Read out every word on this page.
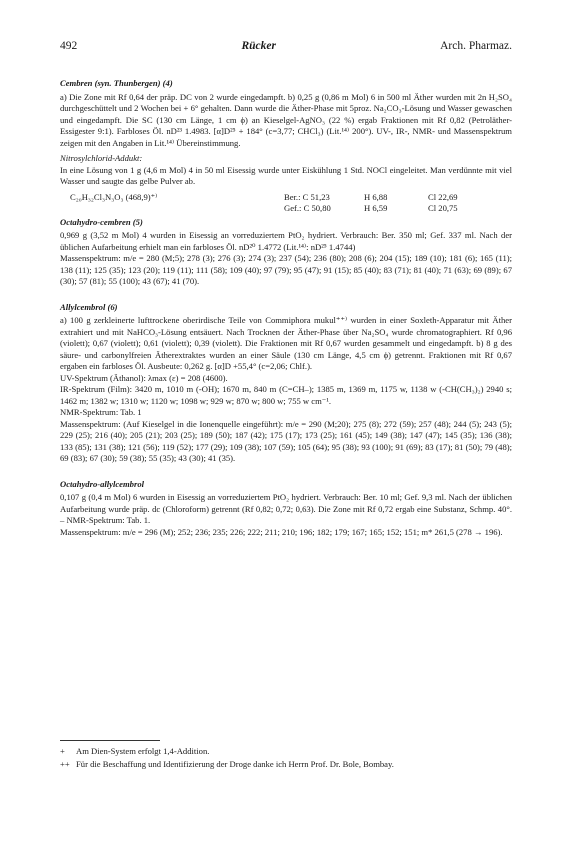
492	Rücker	Arch. Pharmaz.
Cembren (syn. Thunbergen) (4)

a) Die Zone mit Rf 0,64 der präp. DC von 2 wurde eingedampft. b) 0,25 g (0,86 m Mol) 6 in 500 ml Äther wurden mit 2n H₂SO₄ durchgeschüttelt und 2 Wochen bei + 6° gehalten. Dann wurde die Äther-Phase mit 5proz. Na₂CO₃-Lösung und Wasser gewaschen und eingedampft. Die SC (130 cm Länge, 1 cm ϕ) an Kieselgel-AgNO₃ (22 %) ergab Fraktionen mit Rf 0,82 (Petroläther-Essigester 9:1). Farbloses Öl. nD²³ 1.4983. [α]D²⁵ + 184° (c=3,77; CHCl₃) (Lit.¹⁴⁾ 200°). UV-, IR-, NMR- und Massenspektrum zeigen mit den Angaben in Lit.¹⁴⁾ Übereinstimmung.

Nitrosylchlorid-Addukt:

In eine Lösung von 1 g (4,6 m Mol) 4 in 50 ml Eisessig wurde unter Eiskühlung 1 Std. NOCl eingeleitet. Man verdünnte mit viel Wasser und saugte das gelbe Pulver ab.

C₂₀H₃₂Cl₃N₃O₃ (468,9)⁺⁾	Ber.: C 51,23	H 6,88	Cl 22,69
Gef.: C 50,80	H 6,59	Cl 20,75
Octahydro-cembren (5)

0,969 g (3,52 m Mol) 4 wurden in Eisessig an vorreduziertem PtO₂ hydriert. Verbrauch: Ber. 350 ml; Gef. 337 ml. Nach der üblichen Aufarbeitung erhielt man ein farbloses Öl. nD²⁰ 1.4772 (Lit.¹⁴⁾: nD²⁵ 1.4744)

Massenspektrum: m/e = 280 (M;5); 278 (3); 276 (3); 274 (3); 237 (54); 236 (80); 208 (6); 204 (15); 189 (10); 181 (6); 165 (11); 138 (11); 125 (35); 123 (20); 119 (11); 111 (58); 109 (40); 97 (79); 95 (47); 91 (15); 85 (40); 83 (71); 81 (40); 71 (63); 69 (89); 67 (30); 57 (81); 55 (100); 43 (67); 41 (70).

Allylcembrol (6)

a) 100 g zerkleinerte lufttrockene oberirdische Teile von Commiphora mukul⁺⁺⁾ wurden in einer Soxleth-Apparatur mit Äther extrahiert und mit NaHCO₃-Lösung entsäuert. Nach Trocknen der Äther-Phase über Na₂SO₄ wurde chromatographiert. Rf 0,96 (violett); 0,67 (violett); 0,61 (violett); 0,39 (violett). Die Fraktionen mit Rf 0,67 wurden gesammelt und eingedampft. b) 8 g des säure- und carbonylfreien Ätherextraktes wurden an einer Säule (130 cm Länge, 4,5 cm ϕ) getrennt. Fraktionen mit Rf 0,67 ergaben ein farbloses Öl. Ausbeute: 0,262 g. [α]D +55,4° (c=2,06; Chlf.).

UV-Spektrum (Äthanol): λmax (ε) = 208 (4600).

IR-Spektrum (Film): 3420 m, 1010 m (-OH); 1670 m, 840 m (C=CH–); 1385 m, 1369 m, 1175 w, 1138 w (-CH(CH₃)₂) 2940 s; 1462 m; 1382 w; 1310 w; 1120 w; 1098 w; 929 w; 870 w; 800 w; 755 w cm⁻¹.

NMR-Spektrum: Tab. 1

Massenspektrum: (Auf Kieselgel in die Ionenquelle eingeführt): m/e = 290 (M;20); 275 (8); 272 (59); 257 (48); 244 (5); 243 (5); 229 (25); 216 (40); 205 (21); 203 (25); 189 (50); 187 (42); 175 (17); 173 (25); 161 (45); 149 (38); 147 (47); 145 (35); 136 (38); 133 (85); 131 (38); 121 (56); 119 (52); 177 (29); 109 (38); 107 (59); 105 (64); 95 (38); 93 (100); 91 (69); 83 (17); 81 (50); 79 (48); 69 (83); 67 (30); 59 (38); 55 (35); 43 (30); 41 (35).

Octahydro-allylcembrol

0,107 g (0,4 m Mol) 6 wurden in Eisessig an vorreduziertem PtO₂ hydriert. Verbrauch: Ber. 10 ml; Gef. 9,3 ml. Nach der üblichen Aufarbeitung wurde präp. dc (Chloroform) getrennt (Rf 0,82; 0,72; 0,63). Die Zone mit Rf 0,72 ergab eine Substanz, Schmp. 40°. – NMR-Spektrum: Tab. 1.

Massenspektrum: m/e = 296 (M); 252; 236; 235; 226; 222; 211; 210; 196; 182; 179; 167; 165; 152; 151; m* 261,5 (278 → 196).

+	Am Dien-System erfolgt 1,4-Addition.
++ Für die Beschaffung und Identifizierung der Droge danke ich Herrn Prof. Dr. Bole, Bombay.
